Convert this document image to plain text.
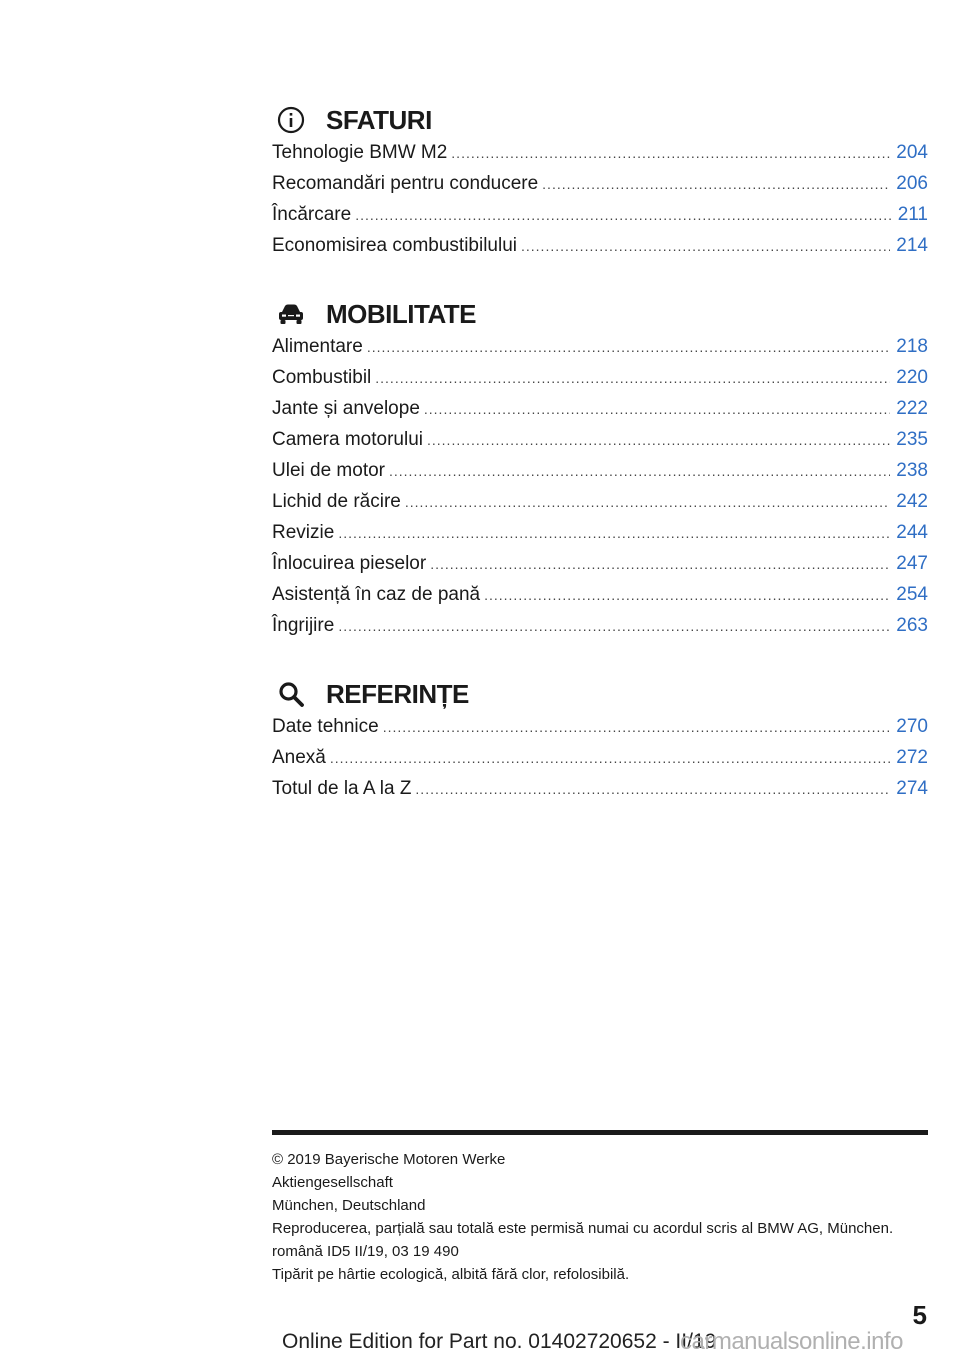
SFATURI
Tehnologie BMW M2 .....	204
Recomandări pentru conducere .....	206
Încărcare .....	211
Economisirea combustibilului .....	214
MOBILITATE
Alimentare .....	218
Combustibil .....	220
Jante și anvelope .....	222
Camera motorului .....	235
Ulei de motor .....	238
Lichid de răcire .....	242
Revizie .....	244
Înlocuirea pieselor .....	247
Asistență în caz de pană .....	254
Îngrijire .....	263
REFERINȚE
Date tehnice .....	270
Anexă .....	272
Totul de la A la Z .....	274
© 2019 Bayerische Motoren Werke
Aktiengesellschaft
München, Deutschland
Reproducerea, parțială sau totală este permisă numai cu acordul scris al BMW AG, München.
română ID5 II/19, 03 19 490
Tipărit pe hârtie ecologică, albită fără clor, refolosibilă.
5
Online Edition for Part no. 01402720652 - II/19
carmanualsonline.info
